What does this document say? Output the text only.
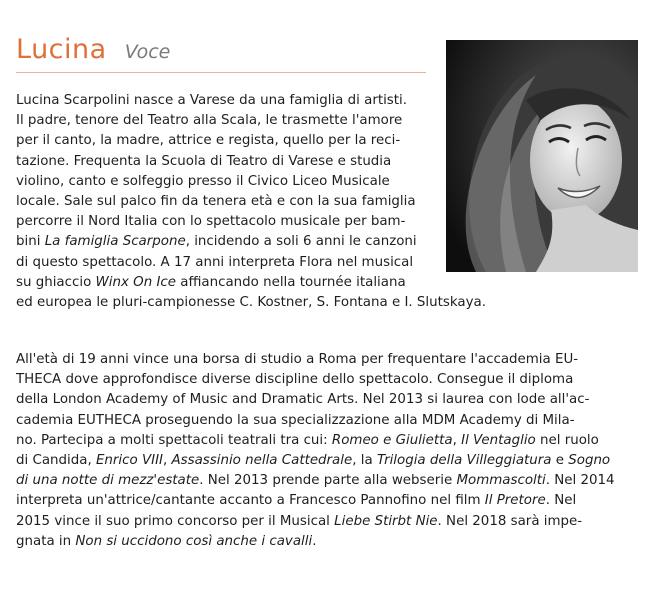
Lucina Voce

Lucina Scarpolini nasce a Varese da una famiglia di artisti.
Il padre, tenore del Teatro alla Scala, le trasmette l'amore
per il canto, la madre, attrice e regista, quello per la reci-
tazione. Frequenta la Scuola di Teatro di Varese e studia
violino, canto e solfeggio presso il Civico Liceo Musicale
locale. Sale sul palco fin da tenera età e con la sua famiglia
percorre il Nord Italia con lo spettacolo musicale per bam-
bini La famiglia Scarpone, incidendo a soli 6 anni le canzoni
di questo spettacolo. A 17 anni interpreta Flora nel musical
su ghiaccio Winx On Ice affiancando nella tournée italiana
ed europea le pluri-campionesse C. Kostner, S. Fontana e I. Slutskaya.

All'età di 19 anni vince una borsa di studio a Roma per frequentare l'accademia EU-
THECA dove approfondisce diverse discipline dello spettacolo. Consegue il diploma
della London Academy of Music and Dramatic Arts. Nel 2013 si laurea con lode all'ac-
cademia EUTHECA proseguendo la sua specializzazione alla MDM Academy di Mila-
no. Partecipa a molti spettacoli teatrali tra cui: Romeo e Giulietta, Il Ventaglio nel ruolo
di Candida, Enrico VIII, Assassinio nella Cattedrale, la Trilogia della Villeggiatura e Sogno
di una notte di mezz'estate. Nel 2013 prende parte alla webserie Mommascolti. Nel 2014
interpreta un'attrice/cantante accanto a Francesco Pannofino nel film Il Pretore. Nel
2015 vince il suo primo concorso per il Musical Liebe Stirbt Nie. Nel 2018 sarà impe-
gnata in Non si uccidono così anche i cavalli.
